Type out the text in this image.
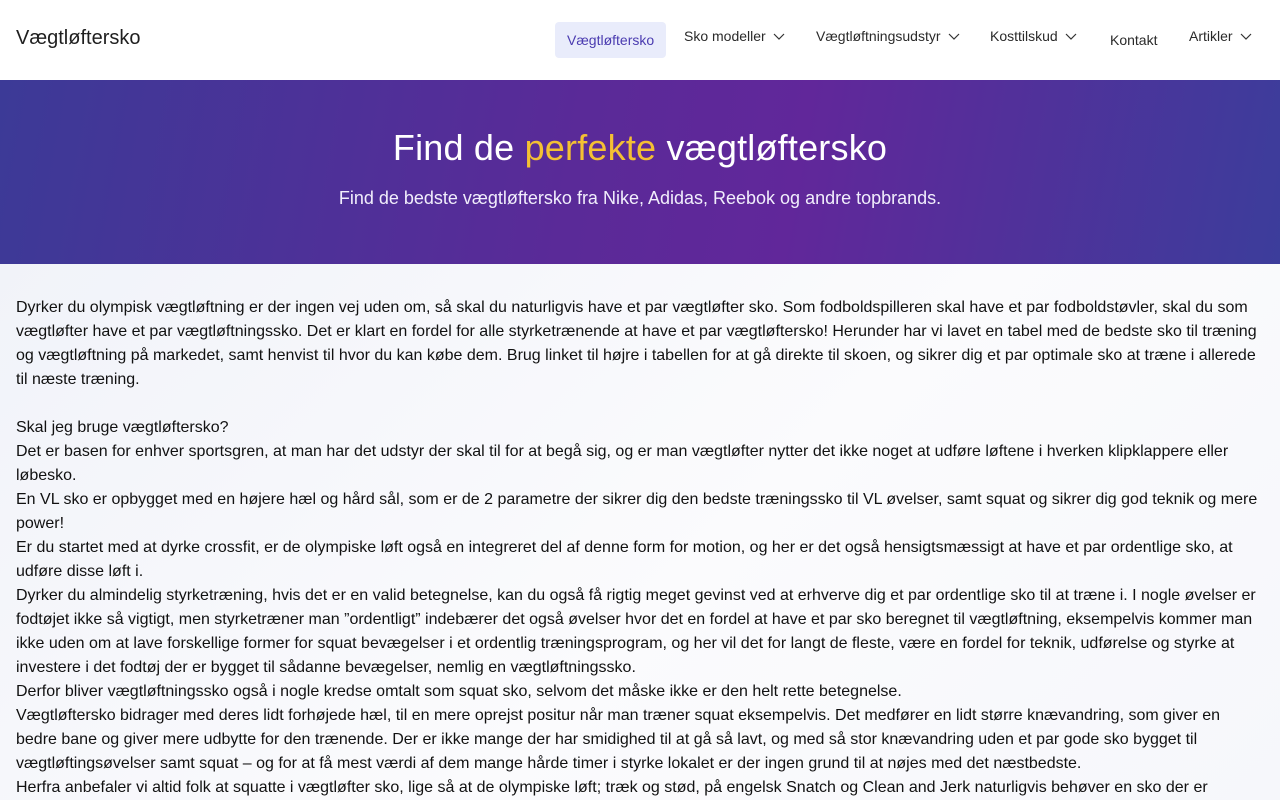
Vægtløftersko	Vægtløftersko Sko modeller	Vægtløftningsudstyr	Kosttilskud	Kontakt Artikler
Find de perfekte vægtløftersko

Find de bedste vægtløftersko fra Nike, Adidas, Reebok og andre topbrands.

Dyrker du olympisk vægtløftning er der ingen vej uden om, så skal du naturligvis have et par vægtløfter sko. Som fodboldspilleren skal have et par fodboldstøvler, skal du som vægtløfter have et par vægtløftningssko. Det er klart en fordel for alle styrketrænende at have et par vægtløftersko! Herunder har vi lavet en tabel med de bedste sko til træning og vægtløftning på markedet, samt henvist til hvor du kan købe dem. Brug linket til højre i tabellen for at gå direkte til skoen, og sikrer dig et par optimale sko at træne i allerede til næste træning.

Skal jeg bruge vægtløftersko?

Det er basen for enhver sportsgren, at man har det udstyr der skal til for at begå sig, og er man vægtløfter nytter det ikke noget at udføre løftene i hverken klipklappere eller løbesko.

En VL sko er opbygget med en højere hæl og hård sål, som er de 2 parametre der sikrer dig den bedste træningssko til VL øvelser, samt squat og sikrer dig god teknik og mere power!

Er du startet med at dyrke crossfit, er de olympiske løft også en integreret del af denne form for motion, og her er det også hensigtsmæssigt at have et par ordentlige sko, at udføre disse løft i.

Dyrker du almindelig styrketræning, hvis det er en valid betegnelse, kan du også få rigtig meget gevinst ved at erhverve dig et par ordentlige sko til at træne i. I nogle øvelser er fodtøjet ikke så vigtigt, men styrketræner man ”ordentligt” indebærer det også øvelser hvor det en fordel at have et par sko beregnet til vægtløftning, eksempelvis kommer man ikke uden om at lave forskellige former for squat bevægelser i et ordentlig træningsprogram, og her vil det for langt de fleste, være en fordel for teknik, udførelse og styrke at investere i det fodtøj der er bygget til sådanne bevægelser, nemlig en vægtløftningssko.

Derfor bliver vægtløftningssko også i nogle kredse omtalt som squat sko, selvom det måske ikke er den helt rette betegnelse.

Vægtløftersko bidrager med deres lidt forhøjede hæl, til en mere oprejst positur når man træner squat eksempelvis. Det medfører en lidt større knævandring, som giver en bedre bane og giver mere udbytte for den trænende. Der er ikke mange der har smidighed til at gå så lavt, og med så stor knævandring uden et par gode sko bygget til vægtløftingsøvelser samt squat – og for at få mest værdi af dem mange hårde timer i styrke lokalet er der ingen grund til at nøjes med det næstbedste.

Herfra anbefaler vi altid folk at squatte i vægtløfter sko, lige så at de olympiske løft; træk og stød, på engelsk Snatch og Clean and Jerk naturligvis behøver en sko der er
